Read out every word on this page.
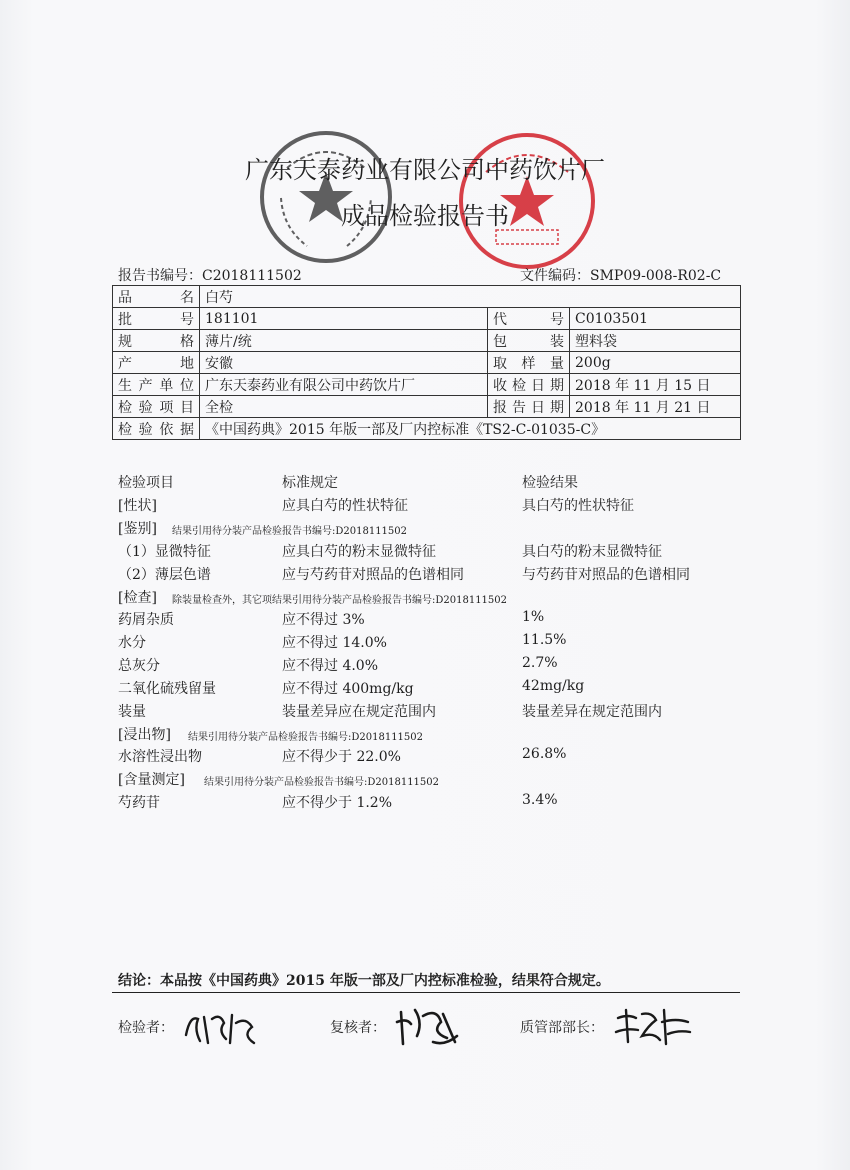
广东天泰药业有限公司中药饮片厂
成品检验报告书
报告书编号：C2018111502	文件编码：SMP09-008-R02-C
品　名	白芍		
批　号	181101	代　号	C0103501
规　格	薄片/统	包　装	塑料袋
产　地	安徽	取 样 量	200g
生产单位	广东天泰药业有限公司中药饮片厂	收检日期	2018 年 11 月 15 日
检验项目	全检	报告日期	2018 年 11 月 21 日
检验依据	《中国药典》2015 年版一部及厂内控标准《TS2-C-01035-C》		
检验项目	标准规定	检验结果
[性状]	应具白芍的性状特征	具白芍的性状特征
[鉴别] 结果引用待分装产品检验报告书编号:D2018111502
（1）显微特征	应具白芍的粉末显微特征	具白芍的粉末显微特征
（2）薄层色谱	应与芍药苷对照品的色谱相同	与芍药苷对照品的色谱相同
[检查] 除装量检查外，其它项结果引用待分装产品检验报告书编号:D2018111502
药屑杂质	应不得过 3%	1%
水分	应不得过 14.0%	11.5%
总灰分	应不得过 4.0%	2.7%
二氧化硫残留量	应不得过 400mg/kg	42mg/kg
装量	装量差异应在规定范围内	装量差异在规定范围内
[浸出物] 结果引用待分装产品检验报告书编号:D2018111502
水溶性浸出物	应不得少于 22.0%	26.8%
[含量测定] 结果引用待分装产品检验报告书编号:D2018111502
芍药苷	应不得少于 1.2%	3.4%
结论：本品按《中国药典》2015 年版一部及厂内控标准检验，结果符合规定。
检验者：	复核者：	质管部部长：
